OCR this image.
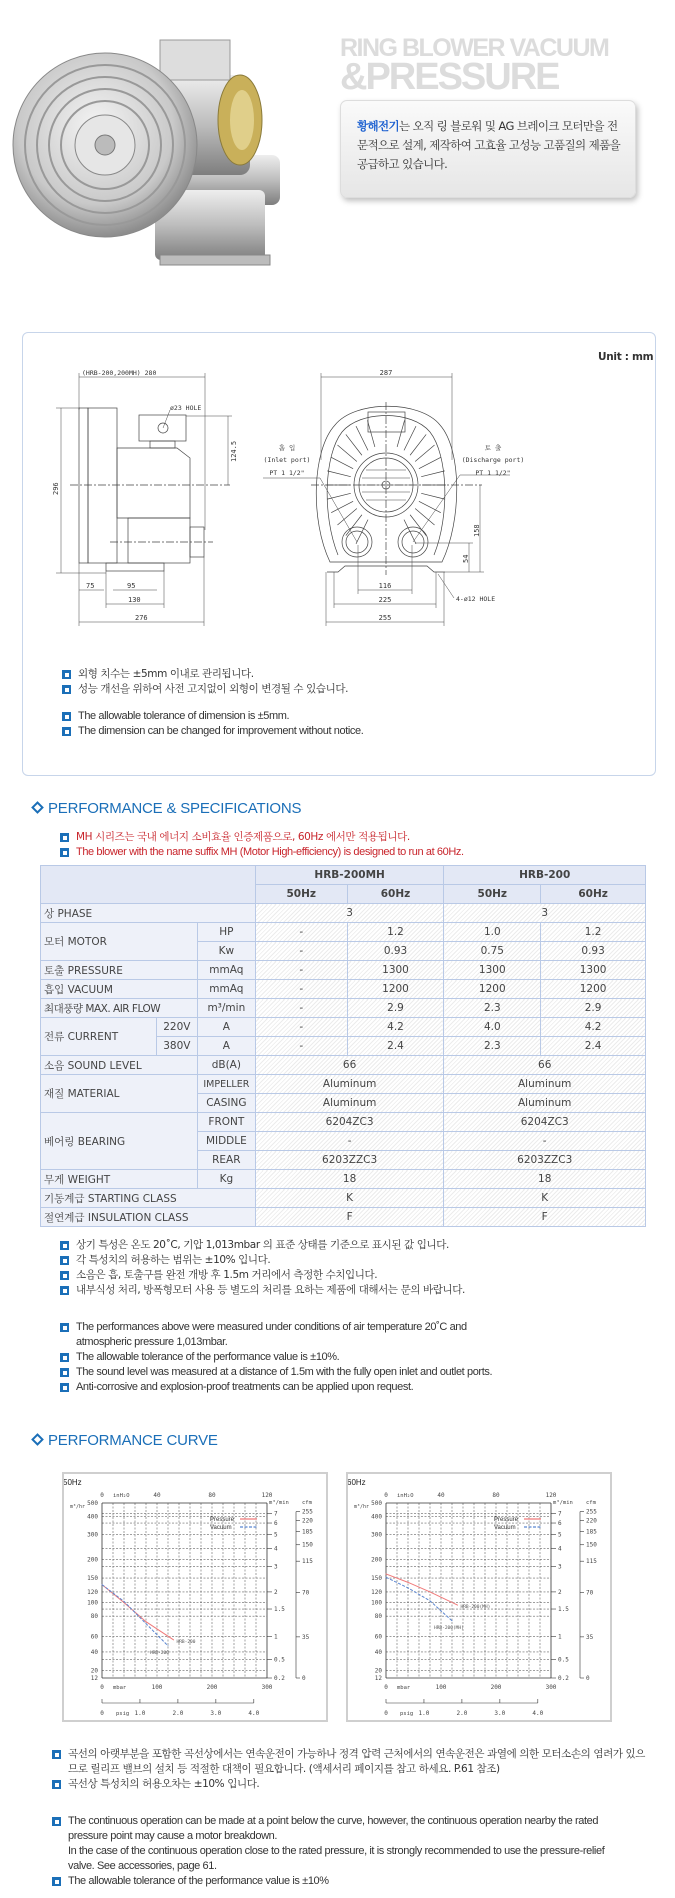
RING BLOWER VACUUM
&PRESSURE
황해전기는 오직 링 블로워 및 AG 브레이크 모터만을 전문적으로 설계, 제작하여 고효율 고성능 고품질의 제품을 공급하고 있습니다.
Unit : mm
(HRB-200,200MH) 280
ø23 HOLE
124.5
296
75	95
130
276
287
흡 입
(Inlet port)
PT 1 1/2"
토 출
(Discharge port)
PT 1 1/2"
158
54
116
225
255
4-ø12 HOLE
외형 치수는 ±5mm 이내로 관리됩니다.
성능 개선을 위하여 사전 고지없이 외형이 변경될 수 있습니다.
The allowable tolerance of dimension is ±5mm.
The dimension can be changed for improvement without notice.
PERFORMANCE & SPECIFICATIONS
MH 시리즈는 국내 에너지 소비효율 인증제품으로, 60Hz 에서만 적용됩니다.
The blower with the name suffix MH (Motor High-efficiency) is designed to run at 60Hz.
			HRB-200MH		HRB-200	
			50Hz	60Hz	50Hz	60Hz
상 PHASE			3		3	
모터 MOTOR		HP	-	1.2	1.0	1.2
		Kw	-	0.93	0.75	0.93
토출 PRESSURE		mmAq	-	1300	1300	1300
흡입 VACUUM		mmAq	-	1200	1200	1200
최대풍량 MAX. AIR FLOW		m³/min	-	2.9	2.3	2.9
전류 CURRENT	220V	A	-	4.2	4.0	4.2
	380V	A	-	2.4	2.3	2.4
소음 SOUND LEVEL		dB(A)	66		66	
재질 MATERIAL		IMPELLER	Aluminum		Aluminum	
		CASING	Aluminum		Aluminum	
베어링 BEARING		FRONT	6204ZC3		6204ZC3	
		MIDDLE	-		-	
		REAR	6203ZZC3		6203ZZC3	
무게 WEIGHT		Kg	18		18	
기동계급 STARTING CLASS			K		K	
절연계급 INSULATION CLASS			F		F	
상기 특성은 온도 20˚C, 기압 1,013mbar 의 표준 상태를 기준으로 표시된 값 입니다.
각 특성치의 허용하는 범위는 ±10% 입니다.
소음은 흡, 토출구를 완전 개방 후 1.5m 거리에서 측정한 수치입니다.
내부식성 처리, 방폭형모터 사용 등 별도의 처리를 요하는 제품에 대해서는 문의 바랍니다.
The performances above were measured under conditions of air temperature 20˚C and atmospheric pressure 1,013mbar.
The allowable tolerance of the performance value is ±10%.
The sound level was measured at a distance of 1.5m with the fully open inlet and outlet ports.
Anti-corrosive and explosion-proof treatments can be applied upon request.
PERFORMANCE CURVE
50Hz
m³/hr 500
400
300
200
150
120
100
80
60
40
20
12
m³/min
7
6
5
4
3
2
1.5
1
0.5
0.2
cfm
255
220
185
150
115
70
35
0
0	40	80	120
inH₂O
0	100	200	300
mbar
0	1.0	2.0	3.0	4.0
psig
HRB-200
Pressure
HRB-200
Vacuum
60Hz
m³/hr 500
400
300
200
150
120
100
80
60
40
20
12
m³/min
7
6
5
4
3
2
1.5
1
0.5
0.2
cfm
255
220
185
150
115
70
35
0
0	40	80	120
inH₂O
0	100	200	300
mbar
0	1.0	2.0	3.0	4.0
psig
HRB-200(MH)
Pressure
HRB-200(MH)
Vacuum
곡선의 아랫부분을 포함한 곡선상에서는 연속운전이 가능하나 정격 압력 근처에서의 연속운전은 과열에 의한 모터소손의 염려가 있으므로 릴리프 밸브의 설치 등 적절한 대책이 필요합니다. (액세서리 페이지를 참고 하세요. P.61 참조)
곡선상 특성치의 허용오차는 ±10% 입니다.
The continuous operation can be made at a point below the curve, however, the continuous operation nearby the rated pressure point may cause a motor breakdown.
In the case of the continuous operation close to the rated pressure, it is strongly recommended to use the pressure-relief valve. See accessories, page 61.
The allowable tolerance of the performance value is ±10%
